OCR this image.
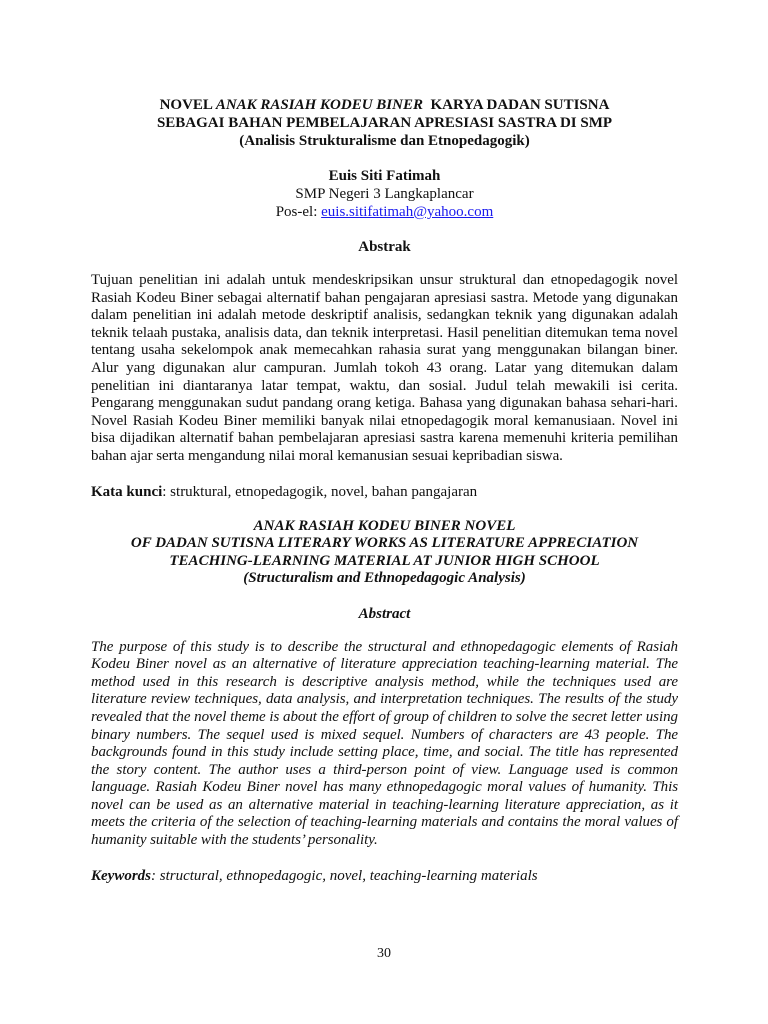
NOVEL ANAK RASIAH KODEU BINER  KARYA DADAN SUTISNA

SEBAGAI BAHAN PEMBELAJARAN APRESIASI SASTRA DI SMP

(Analisis Strukturalisme dan Etnopedagogik)

Euis Siti Fatimah
SMP Negeri 3 Langkaplancar
Pos-el: euis.sitifatimah@yahoo.com
Abstrak
Tujuan penelitian ini adalah untuk mendeskripsikan unsur struktural dan etnopedagogik novel Rasiah Kodeu Biner sebagai alternatif bahan pengajaran apresiasi sastra. Metode yang digunakan dalam penelitian ini adalah metode deskriptif analisis, sedangkan teknik yang digunakan adalah teknik telaah pustaka, analisis data, dan teknik interpretasi. Hasil penelitian ditemukan tema novel tentang usaha sekelompok anak memecahkan rahasia surat yang menggunakan bilangan biner. Alur yang digunakan alur campuran. Jumlah tokoh 43 orang. Latar yang ditemukan dalam penelitian ini diantaranya latar tempat, waktu, dan sosial. Judul telah mewakili isi cerita. Pengarang menggunakan sudut pandang orang ketiga. Bahasa yang digunakan bahasa sehari-hari. Novel Rasiah Kodeu Biner memiliki banyak nilai etnopedagogik moral kemanusiaan. Novel ini bisa dijadikan alternatif bahan pembelajaran apresiasi sastra karena memenuhi kriteria pemilihan bahan ajar serta mengandung nilai moral kemanusian sesuai kepribadian siswa.
Kata kunci: struktural, etnopedagogik, novel, bahan pangajaran
ANAK RASIAH KODEU BINER NOVEL
OF DADAN SUTISNA LITERARY WORKS AS LITERATURE APPRECIATION
TEACHING-LEARNING MATERIAL AT JUNIOR HIGH SCHOOL
(Structuralism and Ethnopedagogic Analysis)
Abstract
The purpose of this study is to describe the structural and ethnopedagogic elements of Rasiah Kodeu Biner novel as an alternative of literature appreciation teaching-learning material. The method used in this research is descriptive analysis method, while the techniques used are literature review techniques, data analysis, and interpretation techniques. The results of the study revealed that the novel theme is about the effort of group of children to solve the secret letter using binary numbers. The sequel used is mixed sequel. Numbers of characters are 43 people. The backgrounds found in this study include setting place, time, and social. The title has represented the story content. The author uses a third-person point of view. Language used is common language. Rasiah Kodeu Biner novel has many ethnopedagogic moral values of humanity. This novel can be used as an alternative material in teaching-learning literature appreciation, as it meets the criteria of the selection of teaching-learning materials and contains the moral values of humanity suitable with the students’ personality.
Keywords: structural, ethnopedagogic, novel, teaching-learning materials
30
